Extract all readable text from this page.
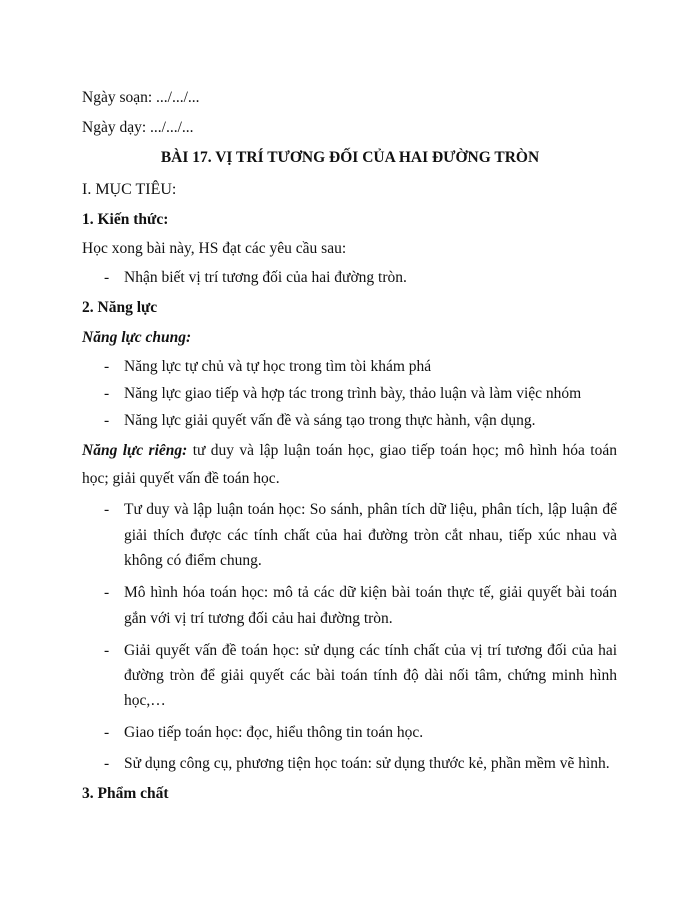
Ngày soạn: .../.../...
Ngày dạy: .../.../...
BÀI 17. VỊ TRÍ TƯƠNG ĐỐI CỦA HAI ĐƯỜNG TRÒN
I. MỤC TIÊU:
1. Kiến thức:
Học xong bài này, HS đạt các yêu cầu sau:
- Nhận biết vị trí tương đối của hai đường tròn.
2. Năng lực
Năng lực chung:
- Năng lực tự chủ và tự học trong tìm tòi khám phá
- Năng lực giao tiếp và hợp tác trong trình bày, thảo luận và làm việc nhóm
- Năng lực giải quyết vấn đề và sáng tạo trong thực hành, vận dụng.
Năng lực riêng: tư duy và lập luận toán học, giao tiếp toán học; mô hình hóa toán
học; giải quyết vấn đề toán học.
- Tư duy và lập luận toán học: So sánh, phân tích dữ liệu, phân tích, lập luận để
giải thích được các tính chất của hai đường tròn cắt nhau, tiếp xúc nhau và
không có điểm chung.
- Mô hình hóa toán học: mô tả các dữ kiện bài toán thực tế, giải quyết bài toán
gắn với vị trí tương đối cảu hai đường tròn.
- Giải quyết vấn đề toán học: sử dụng các tính chất của vị trí tương đối của hai
đường tròn để giải quyết các bài toán tính độ dài nối tâm, chứng minh hình
học,…
- Giao tiếp toán học: đọc, hiểu thông tin toán học.
- Sử dụng công cụ, phương tiện học toán: sử dụng thước kẻ, phần mềm vẽ hình.
3. Phẩm chất
